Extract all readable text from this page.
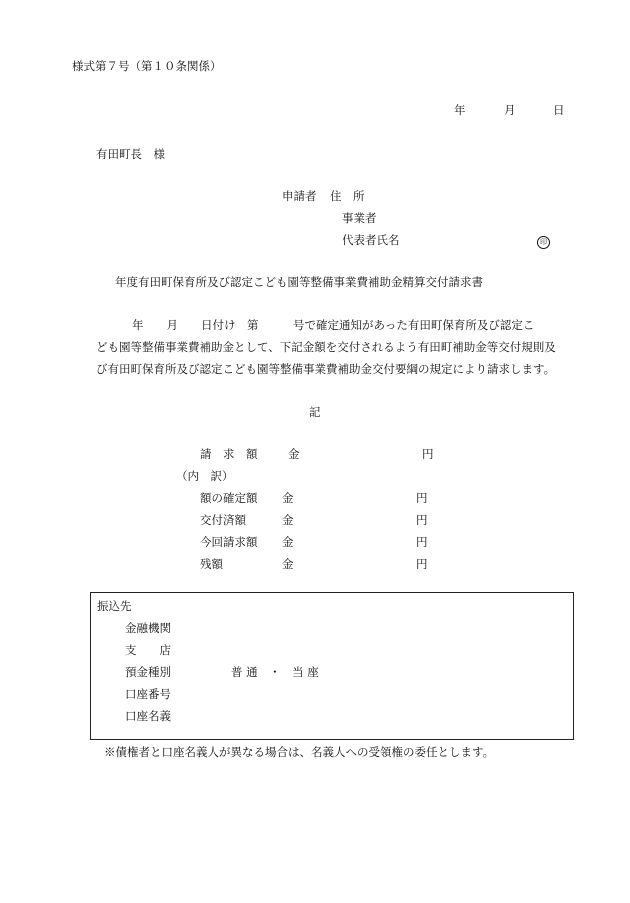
様式第７号（第１０条関係）
年	月	日
有田町長　様
申請者 住　所
事業者
代表者氏名	印
年度有田町保育所及び認定こども園等整備事業費補助金精算交付請求書
年　　月　　日付け　第　　　号で確定通知があった有田町保育所及び認定こ
ども園等整備事業費補助金として、下記金額を交付されるよう有田町補助金等交付規則及
び有田町保育所及び認定こども園等整備事業費補助金交付要綱の規定により請求します。
記
請　求　額	金	円
（内　訳）
額の確定額 金	円
交付済額	金	円
今回請求額 金	円
残額	金	円
振込先
金融機関
支　　店
預金種別	普 通　・　当 座
口座番号
口座名義
※債権者と口座名義人が異なる場合は、名義人への受領権の委任とします。
